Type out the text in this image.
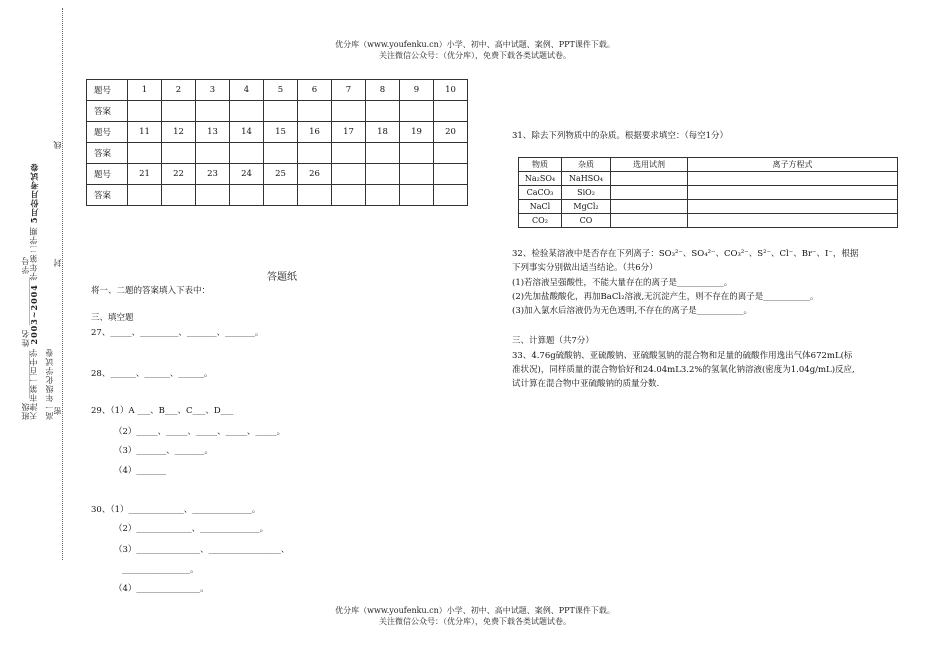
优分库（www.youfenku.cn）小学、初中、高中试题、案例、PPT课件下载。
关注微信公众号：（优分库），免费下载各类试题试卷。
天津市第一百中学 2003~2004 学年第二学期 5月份月考试卷
高一年级化学试卷
班级 ____________ 姓名 ____________ 学号
密
封
线
题号	1	2	3	4	5	6	7	8	9	10
答案										
题号	11	12	13	14	15	16	17	18	19	20
答案										
题号	21	22	23	24	25	26				
答案										
答题纸
将一、二题的答案填入下表中：
三、填空题
27、_____、_________、_______、_______。
28、______、______、______。
29、（1）A ___、B___、C___、D___
（2）_____、_____、_____、_____、_____。
（3）_______、_______。
（4）_______
30、（1）_____________、______________。
（2）_____________、______________。
（3）_______________、_________________、
________________。
（4）_______________。
31、除去下列物质中的杂质。根据要求填空：（每空1分）
物质	杂质	选用试剂	离子方程式
Na₂SO₄	NaHSO₄		
CaCO₃	SiO₂		
NaCl	MgCl₂		
CO₂	CO		
32、检验某溶液中是否存在下列离子：SO₃²⁻、SO₄²⁻、CO₃²⁻、S²⁻、Cl⁻、Br⁻、I⁻，根据
下列事实分别做出适当结论。（共6分）
(1)若溶液呈强酸性，不能大量存在的离子是___________。
(2)先加盐酸酸化，再加BaCl₂溶液,无沉淀产生，则不存在的离子是___________。
(3)加入氯水后溶液仍为无色透明,不存在的离子是___________。
三、计算题（共7分）
33、4.76g硫酸钠、亚硫酸钠、亚硫酸氢钠的混合物和足量的硫酸作用逸出气体672mL(标
准状况)，同样质量的混合物恰好和24.04mL3.2%的氢氧化钠溶液(密度为1.04g/mL)反应,
试计算在混合物中亚硫酸钠的质量分数.
优分库（www.youfenku.cn）小学、初中、高中试题、案例、PPT课件下载。
关注微信公众号：（优分库），免费下载各类试题试卷。
